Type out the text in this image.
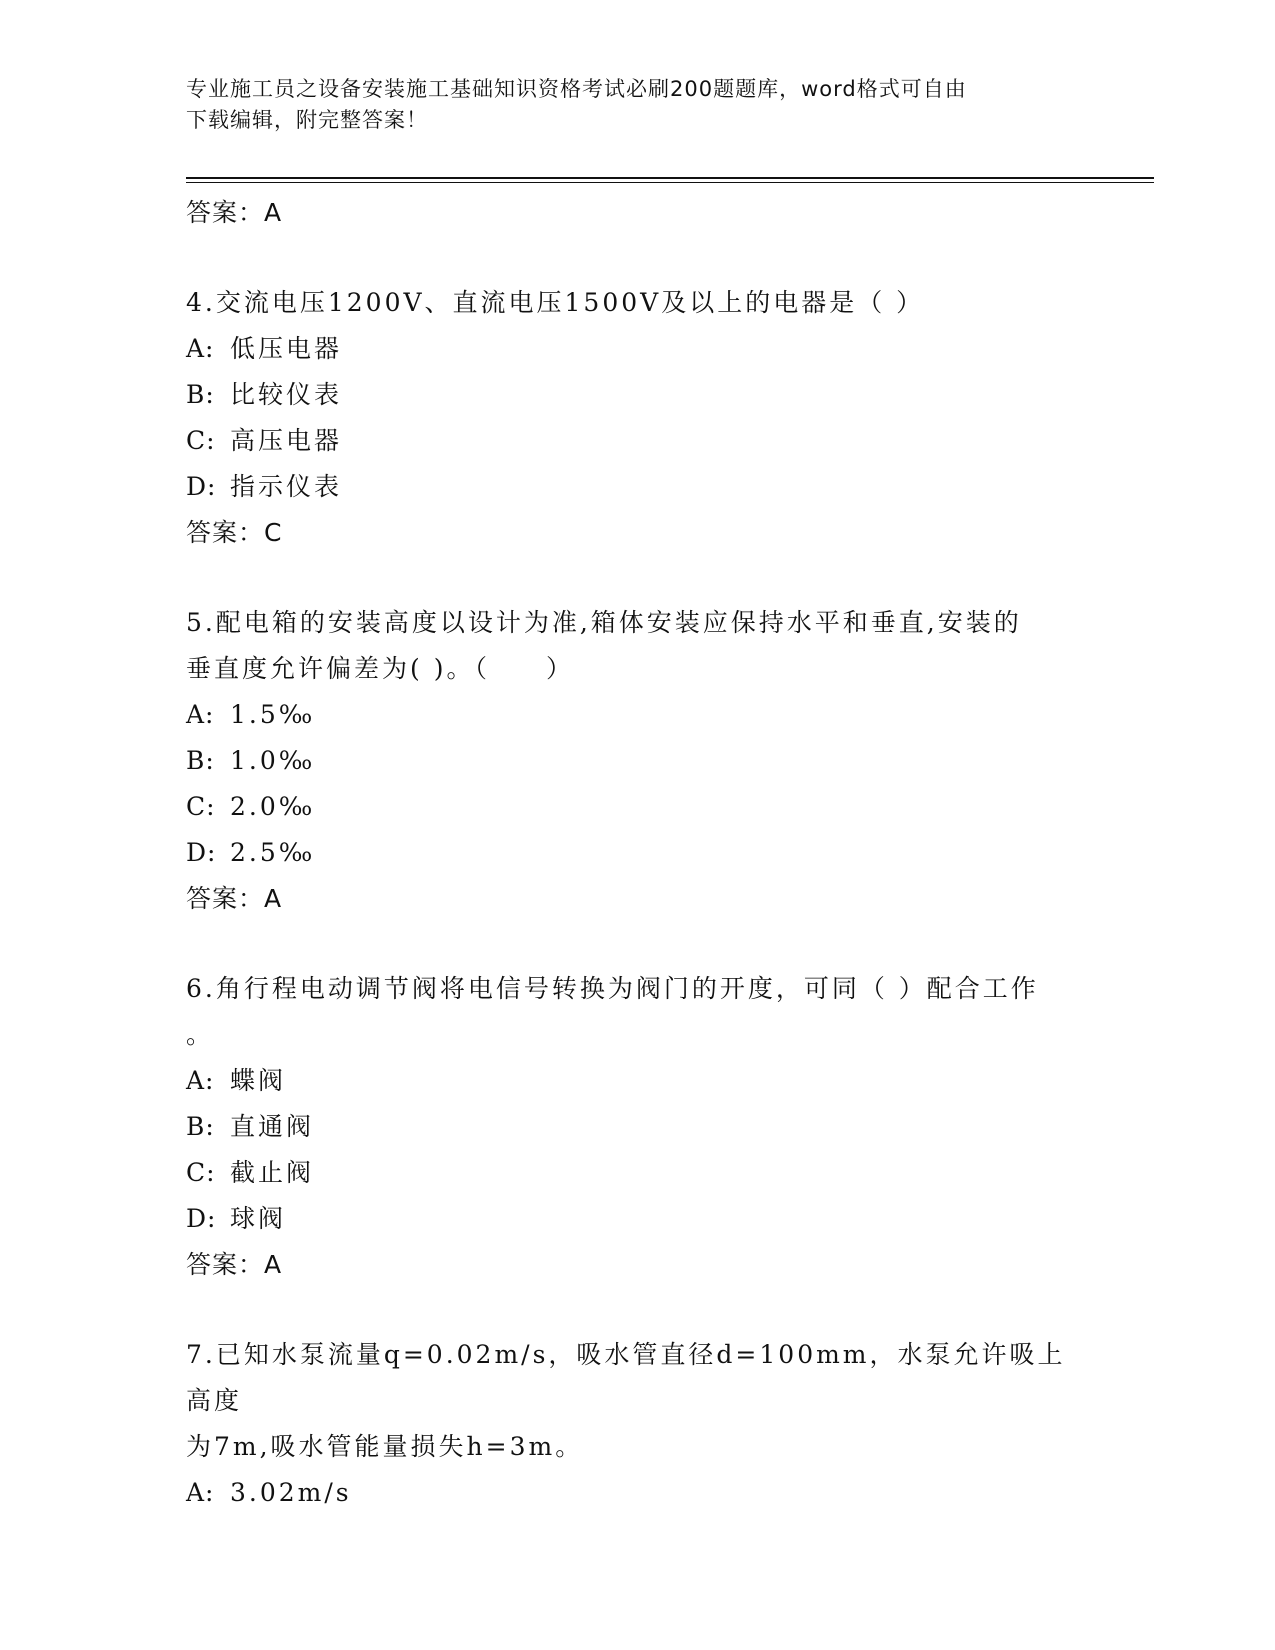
专业施工员之设备安装施工基础知识资格考试必刷200题题库，word格式可自由
下载编辑，附完整答案！
答案：A
4.交流电压1200V、直流电压1500V及以上的电器是（ ）
A: 低压电器
B: 比较仪表
C: 高压电器
D: 指示仪表
答案：C
5.配电箱的安装高度以设计为准,箱体安装应保持水平和垂直,安装的
垂直度允许偏差为( )。（　　）
A: 1.5‰
B: 1.0‰
C: 2.0‰
D: 2.5‰
答案：A
6.角行程电动调节阀将电信号转换为阀门的开度，可同（ ）配合工作
。
A: 蝶阀
B: 直通阀
C: 截止阀
D: 球阀
答案：A
7.已知水泵流量q=0.02m/s，吸水管直径d=100mm，水泵允许吸上高度
为7m,吸水管能量损失h=3m。
A: 3.02m/s
